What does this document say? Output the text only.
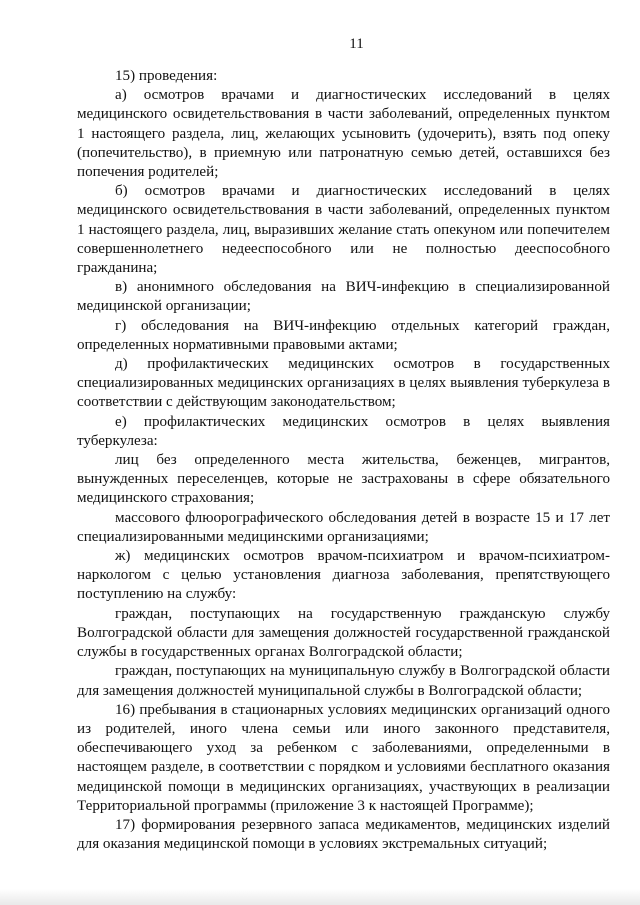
11

15) проведения:

а) осмотров врачами и диагностических исследований в целях медицинского освидетельствования в части заболеваний, определенных пунктом 1 настоящего раздела, лиц, желающих усыновить (удочерить), взять под опеку (попечительство), в приемную или патронатную семью детей, оставшихся без попечения родителей;

б) осмотров врачами и диагностических исследований в целях медицинского освидетельствования в части заболеваний, определенных пунктом 1 настоящего раздела, лиц, выразивших желание стать опекуном или попечителем совершеннолетнего недееспособного или не полностью дееспособного гражданина;

в) анонимного обследования на ВИЧ-инфекцию в специализированной медицинской организации;

г) обследования на ВИЧ-инфекцию отдельных категорий граждан, определенных нормативными правовыми актами;

д) профилактических медицинских осмотров в государственных специализированных медицинских организациях в целях выявления туберкулеза в соответствии с действующим законодательством;

е) профилактических медицинских осмотров в целях выявления туберкулеза:

лиц без определенного места жительства, беженцев, мигрантов, вынужденных переселенцев, которые не застрахованы в сфере обязательного медицинского страхования;

массового флюорографического обследования детей в возрасте 15 и 17 лет специализированными медицинскими организациями;

ж) медицинских осмотров врачом-психиатром и врачом-психиатром-наркологом с целью установления диагноза заболевания, препятствующего поступлению на службу:

граждан, поступающих на государственную гражданскую службу Волгоградской области для замещения должностей государственной гражданской службы в государственных органах Волгоградской области;

граждан, поступающих на муниципальную службу в Волгоградской области для замещения должностей муниципальной службы в Волгоградской области;

16) пребывания в стационарных условиях медицинских организаций одного из родителей, иного члена семьи или иного законного представителя, обеспечивающего уход за ребенком с заболеваниями, определенными в настоящем разделе, в соответствии с порядком и условиями бесплатного оказания медицинской помощи в медицинских организациях, участвующих в реализации Территориальной программы (приложение 3 к настоящей Программе);

17) формирования резервного запаса медикаментов, медицинских изделий для оказания медицинской помощи в условиях экстремальных ситуаций;
